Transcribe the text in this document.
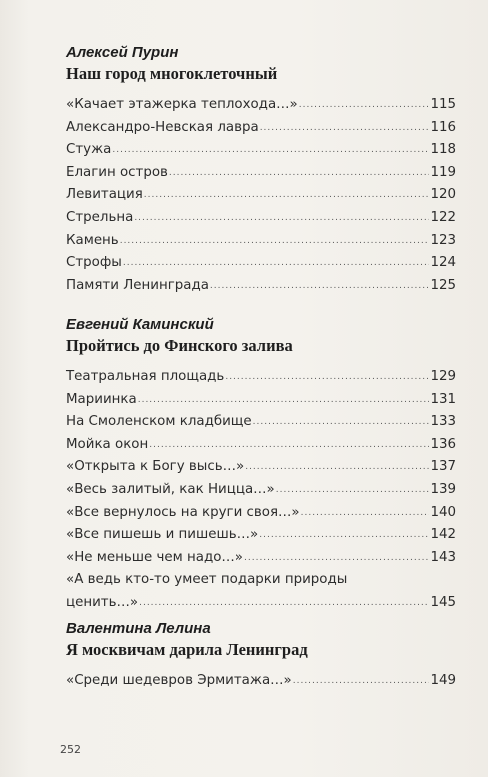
Алексей Пурин

Наш город многоклеточный

«Качает этажерка теплохода…» .....	115
Александро-Невская лавра .....	116
Стужа .....	118
Елагин остров .....	119
Левитация .....	120
Стрельна .....	122
Камень .....	123
Строфы .....	124
Памяти Ленинграда .....	125

Евгений Каминский

Пройтись до Финского залива

Театральная площадь .....	129
Мариинка .....	131
На Смоленском кладбище .....	133
Мойка окон .....	136
«Открыта к Богу высь…» .....	137
«Весь залитый, как Ницца…» .....	139
«Все вернулось на круги своя…» .....	140
«Все пишешь и пишешь…» .....	142
«Не меньше чем надо…» .....	143
«А ведь кто-то умеет подарки природы
ценить…» .....	145

Валентина Лелина

Я москвичам дарила Ленинград

«Среди шедевров Эрмитажа…» .....	149
252
